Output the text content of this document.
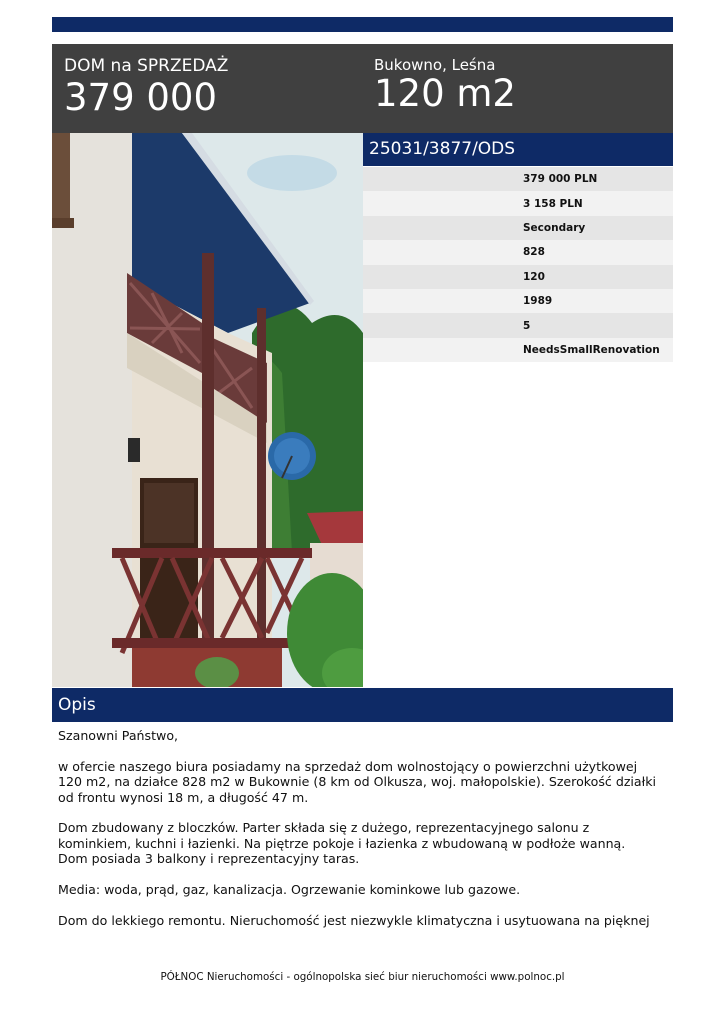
DOM na SPRZEDAŻ
379 000
Bukowno, Leśna
120 m2
25031/3877/ODS
379 000 PLN
3 158 PLN
Secondary
828
120
1989
5
NeedsSmallRenovation
Opis

Szanowni Państwo,

w ofercie naszego biura posiadamy na sprzedaż dom wolnostojący o powierzchni użytkowej 120 m2, na działce 828 m2 w Bukownie (8 km od Olkusza, woj. małopolskie). Szerokość działki od frontu wynosi 18 m, a długość 47 m.

Dom zbudowany z bloczków. Parter składa się z dużego, reprezentacyjnego salonu z kominkiem, kuchni i łazienki. Na piętrze pokoje i łazienka z wbudowaną w podłoże wanną. Dom posiada 3 balkony i reprezentacyjny taras.

Media: woda, prąd, gaz, kanalizacja. Ogrzewanie kominkowe lub gazowe.

Dom do lekkiego remontu. Nieruchomość jest niezwykle klimatyczna i usytuowana na pięknej

PÓŁNOC Nieruchomości - ogólnopolska sieć biur nieruchomości www.polnoc.pl
